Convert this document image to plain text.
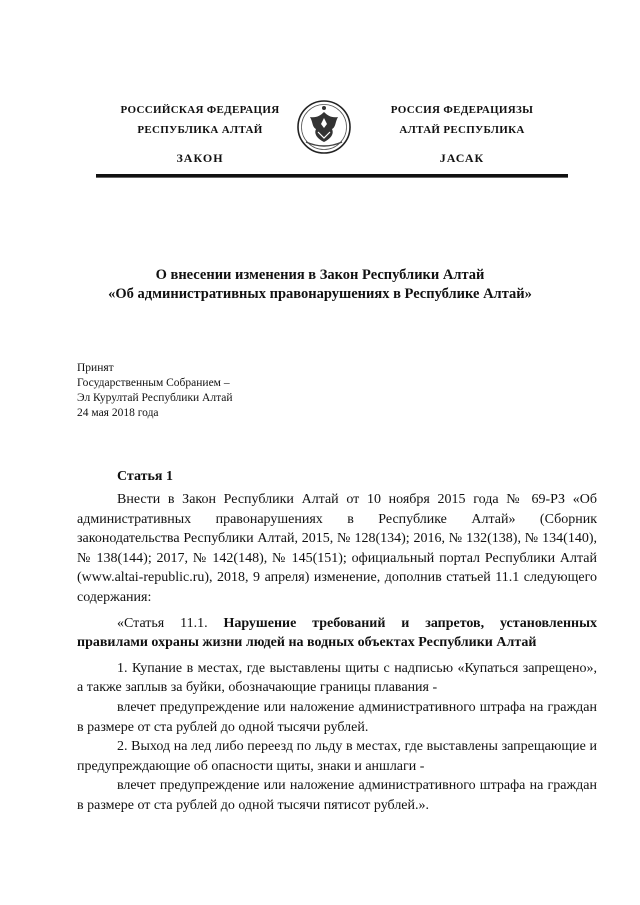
РОССИЙСКАЯ ФЕДЕРАЦИЯ
РЕСПУБЛИКА АЛТАЙ
ЗАКОН
РОССИЯ ФЕДЕРАЦИЯЗЫ
АЛТАЙ РЕСПУБЛИКА
ЈАСАК
О внесении изменения в Закон Республики Алтай
«Об административных правонарушениях в Республике Алтай»
Принят
Государственным Собранием –
Эл Курултай Республики Алтай
24 мая 2018 года
Статья 1

Внести в Закон Республики Алтай от 10 ноября 2015 года № 69-РЗ «Об административных правонарушениях в Республике Алтай» (Сборник законодательства Республики Алтай, 2015, № 128(134); 2016, № 132(138), № 134(140), № 138(144); 2017, № 142(148), № 145(151); официальный портал Республики Алтай (www.altai-republic.ru), 2018, 9 апреля) изменение, дополнив статьей 11.1 следующего содержания:

«Статья 11.1. Нарушение требований и запретов, установленных правилами охраны жизни людей на водных объектах Республики Алтай

1. Купание в местах, где выставлены щиты с надписью «Купаться запрещено», а также заплыв за буйки, обозначающие границы плавания -

влечет предупреждение или наложение административного штрафа на граждан в размере от ста рублей до одной тысячи рублей.

2. Выход на лед либо переезд по льду в местах, где выставлены запрещающие и предупреждающие об опасности щиты, знаки и аншлаги -

влечет предупреждение или наложение административного штрафа на граждан в размере от ста рублей до одной тысячи пятисот рублей.».
